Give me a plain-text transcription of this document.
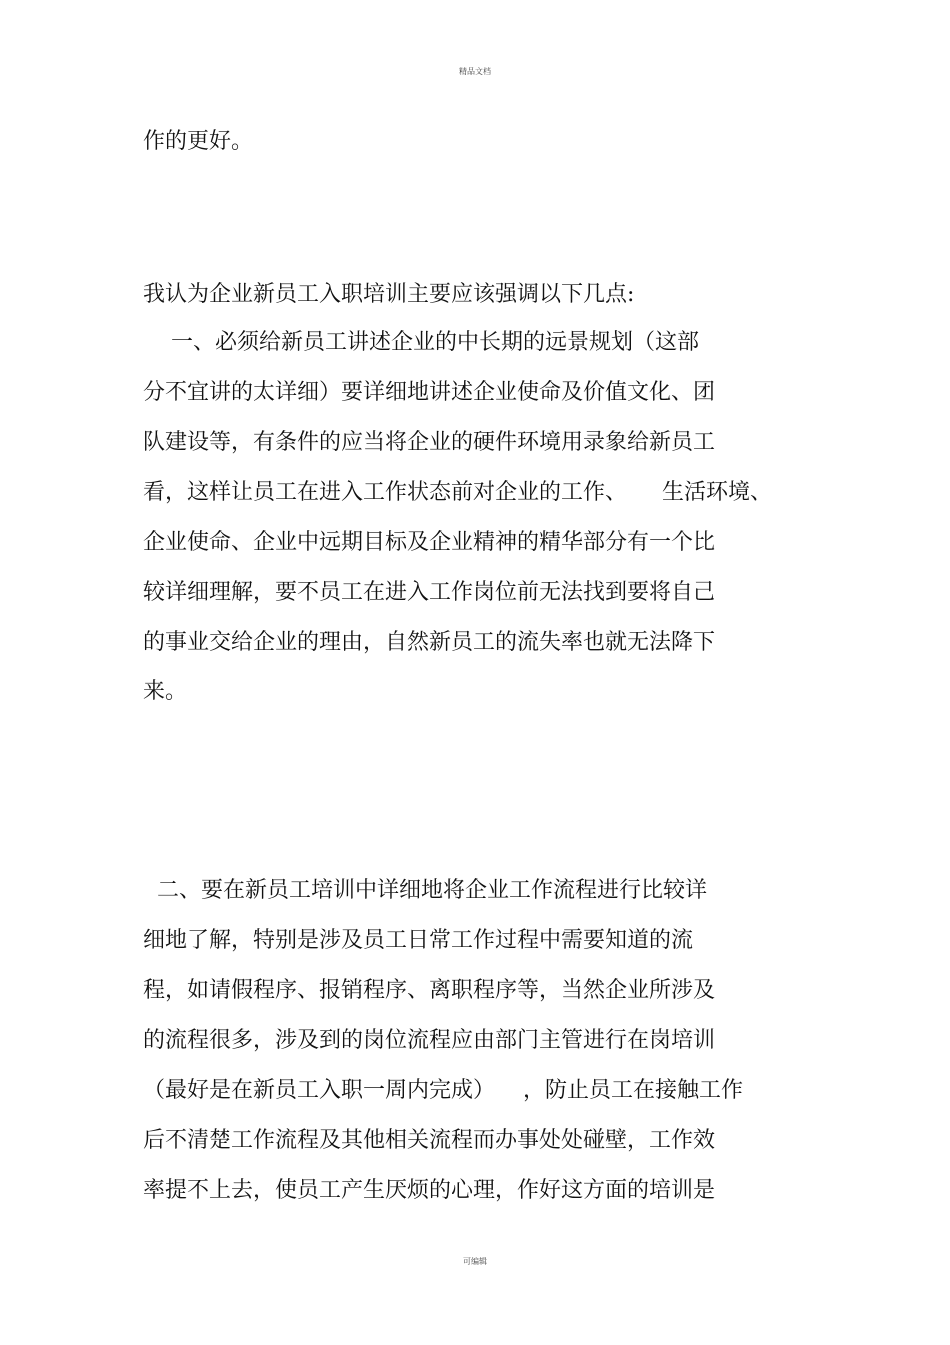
精品文档
作的更好。
我认为企业新员工入职培训主要应该强调以下几点:
一、必须给新员工讲述企业的中长期的远景规划（这部
分不宜讲的太详细）要详细地讲述企业使命及价值文化、团
队建设等，有条件的应当将企业的硬件环境用录象给新员工
看，这样让员工在进入工作状态前对企业的工作、     生活环境、
企业使命、企业中远期目标及企业精神的精华部分有一个比
较详细理解，要不员工在进入工作岗位前无法找到要将自己
的事业交给企业的理由，自然新员工的流失率也就无法降下
来。
二、要在新员工培训中详细地将企业工作流程进行比较详
细地了解，特别是涉及员工日常工作过程中需要知道的流
程，如请假程序、报销程序、离职程序等，当然企业所涉及
的流程很多，涉及到的岗位流程应由部门主管进行在岗培训
（最好是在新员工入职一周内完成）    ，防止员工在接触工作
后不清楚工作流程及其他相关流程而办事处处碰壁，工作效
率提不上去，使员工产生厌烦的心理，作好这方面的培训是
可编辑
